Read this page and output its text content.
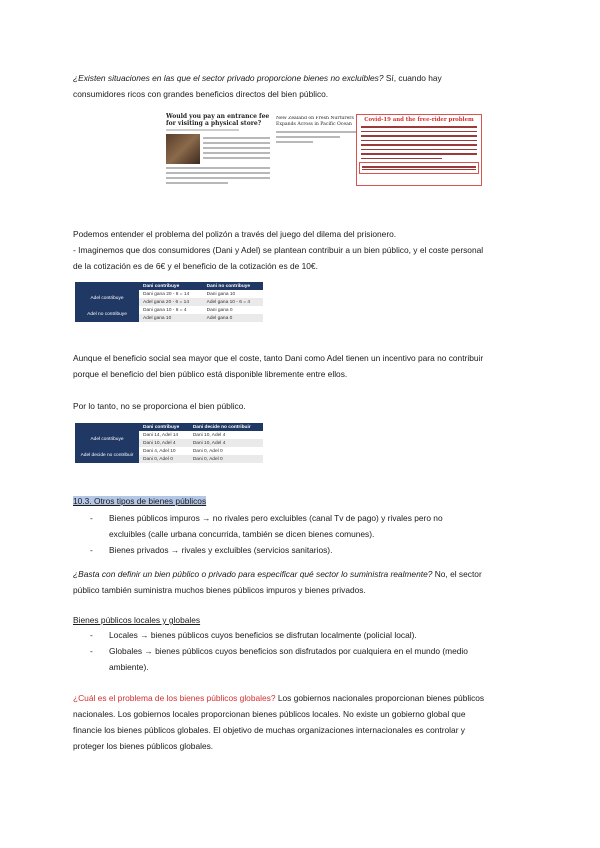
¿Existen situaciones en las que el sector privado proporcione bienes no excluibles? Sí, cuando hay
consumidores ricos con grandes beneficios directos del bien público.
Would you pay an entrance fee for visiting a physical store?
New Zealand on Fresh Nurturers Expands Across in Pacific Ocean
Covid-19 and the free-rider problem
Podemos entender el problema del polizón a través del juego del dilema del prisionero.
- Imaginemos que dos consumidores (Dani y Adel) se plantean contribuir a un bien público, y el coste personal
de la cotización es de 6€ y el beneficio de la cotización es de 10€.
	Dani contribuye	Dani no contribuye
Adel contribuye	Dani gana 20 - 6 = 14	Dani gana 10
	Adel gana 20 - 6 = 14	Adel gana 10 - 6 = 4
Adel no contribuye	Dani gana 10 - 6 = 4	Dani gana 0
	Adel gana 10	Adel gana 0
Aunque el beneficio social sea mayor que el coste, tanto Dani como Adel tienen un incentivo para no contribuir
porque el beneficio del bien público está disponible libremente entre ellos.
Por lo tanto, no se proporciona el bien público.
	Dani contribuye	Dani decide no contribuir
Adel contribuye	Dani 14, Adel 14	Dani 10, Adel 4
	Dani 10, Adel 4	Dani 10, Adel 4
Adel decide no contribuir	Dani 4, Adel 10	Dani 0, Adel 0
	Dani 0, Adel 0	Dani 0, Adel 0
10.3. Otros tipos de bienes públicos
- Bienes públicos impuros → no rivales pero excluibles (canal Tv de pago) y rivales pero no
excluibles (calle urbana concurrida, también se dicen bienes comunes).
- Bienes privados → rivales y excluibles (servicios sanitarios).
¿Basta con definir un bien público o privado para especificar qué sector lo suministra realmente? No, el sector
público también suministra muchos bienes públicos impuros y bienes privados.
Bienes públicos locales y globales
- Locales → bienes públicos cuyos beneficios se disfrutan localmente (policial local).
- Globales → bienes públicos cuyos beneficios son disfrutados por cualquiera en el mundo (medio
ambiente).
¿Cuál es el problema de los bienes públicos globales? Los gobiernos nacionales proporcionan bienes públicos
nacionales. Los gobiernos locales proporcionan bienes públicos locales. No existe un gobierno global que
financie los bienes públicos globales. El objetivo de muchas organizaciones internacionales es controlar y
proteger los bienes públicos globales.
